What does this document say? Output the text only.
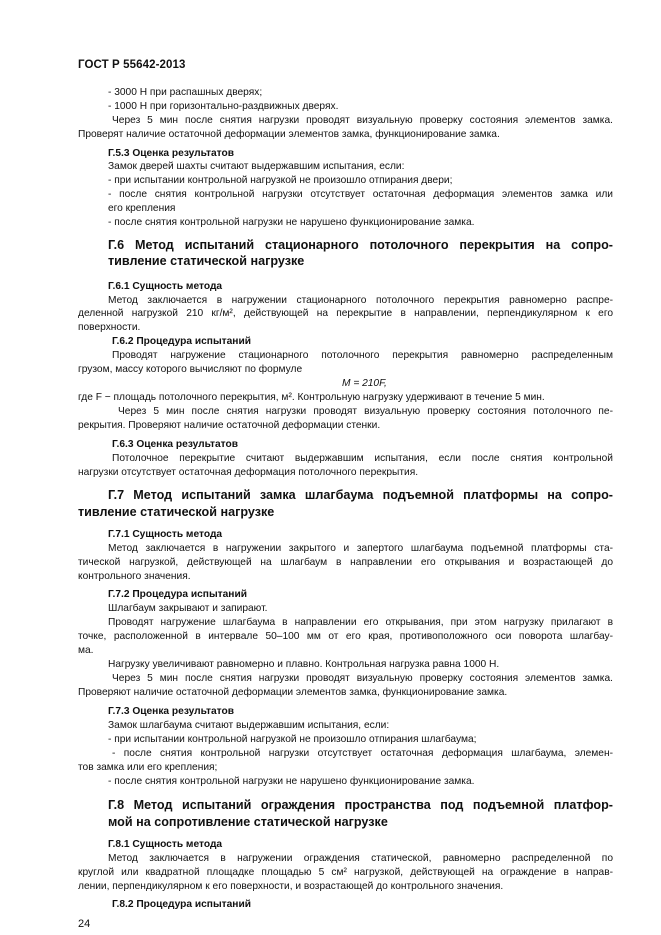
ГОСТ Р 55642-2013
- 3000 Н при распашных дверях;
- 1000 Н при горизонтально-раздвижных дверях.
Через 5 мин после снятия нагрузки проводят визуальную проверку состояния элементов замка.
Проверят наличие остаточной деформации элементов замка, функционирование замка.
Г.5.3 Оценка результатов
Замок дверей шахты считают выдержавшим испытания, если:
- при испытании контрольной нагрузкой не произошло отпирания двери;
- после снятия контрольной нагрузки отсутствует остаточная деформация элементов замка или
его крепления
- после снятия контрольной нагрузки не нарушено функционирование замка.
Г.6 Метод испытаний стационарного потолочного перекрытия на сопро-
тивление статической нагрузке
Г.6.1 Сущность метода
Метод заключается в нагружении стационарного потолочного перекрытия равномерно распре-
деленной нагрузкой 210 кг/м², действующей на перекрытие в направлении, перпендикулярном к его
поверхности.
Г.6.2 Процедура испытаний
Проводят нагружение стационарного потолочного перекрытия равномерно распределенным
грузом, массу которого вычисляют по формуле
M = 210F,
где F − площадь потолочного перекрытия, м². Контрольную нагрузку удерживают в течение 5 мин.
Через 5 мин после снятия нагрузки проводят визуальную проверку состояния потолочного пе-
рекрытия. Проверяют наличие остаточной деформации стенки.
Г.6.3 Оценка результатов
Потолочное перекрытие считают выдержавшим испытания, если после снятия контрольной
нагрузки отсутствует остаточная деформация потолочного перекрытия.
Г.7 Метод испытаний замка шлагбаума подъемной платформы на сопро-
тивление статической нагрузке
Г.7.1 Сущность метода
Метод заключается в нагружении закрытого и запертого шлагбаума подъемной платформы ста-
тической нагрузкой, действующей на шлагбаум в направлении его открывания и возрастающей до
контрольного значения.
Г.7.2 Процедура испытаний
Шлагбаум закрывают и запирают.
Проводят нагружение шлагбаума в направлении его открывания, при этом нагрузку прилагают в
точке, расположенной в интервале 50–100 мм от его края, противоположного оси поворота шлагбау-
ма.
Нагрузку увеличивают равномерно и плавно. Контрольная нагрузка равна 1000 Н.
Через 5 мин после снятия нагрузки проводят визуальную проверку состояния элементов замка.
Проверяют наличие остаточной деформации элементов замка, функционирование замка.
Г.7.3 Оценка результатов
Замок шлагбаума считают выдержавшим испытания, если:
- при испытании контрольной нагрузкой не произошло отпирания шлагбаума;
- после снятия контрольной нагрузки отсутствует остаточная деформация шлагбаума, элемен-
тов замка или его крепления;
- после снятия контрольной нагрузки не нарушено функционирование замка.
Г.8 Метод испытаний ограждения пространства под подъемной платфор-
мой на сопротивление статической нагрузке
Г.8.1 Сущность метода
Метод заключается в нагружении ограждения статической, равномерно распределенной по
круглой или квадратной площадке площадью 5 см² нагрузкой, действующей на ограждение в направ-
лении, перпендикулярном к его поверхности, и возрастающей до контрольного значения.
Г.8.2 Процедура испытаний
24
